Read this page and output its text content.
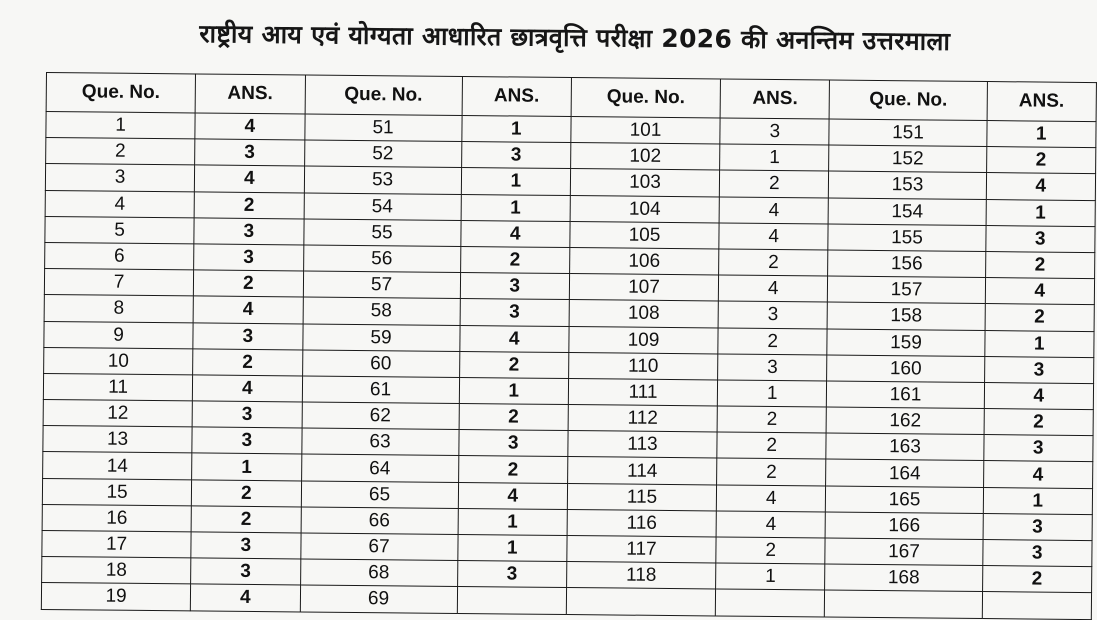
राष्ट्रीय आय एवं योग्यता आधारित छात्रवृत्ति परीक्षा 2026 की अनन्तिम उत्तरमाला
Que. No.	ANS.	Que. No.	ANS.	Que. No.	ANS.	Que. No.	ANS.
1	4	51	1	101	3	151	1
2	3	52	3	102	1	152	2
3	4	53	1	103	2	153	4
4	2	54	1	104	4	154	1
5	3	55	4	105	4	155	3
6	3	56	2	106	2	156	2
7	2	57	3	107	4	157	4
8	4	58	3	108	3	158	2
9	3	59	4	109	2	159	1
10	2	60	2	110	3	160	3
11	4	61	1	111	1	161	4
12	3	62	2	112	2	162	2
13	3	63	3	113	2	163	3
14	1	64	2	114	2	164	4
15	2	65	4	115	4	165	1
16	2	66	1	116	4	166	3
17	3	67	1	117	2	167	3
18	3	68	3	118	1	168	2
19	4	69					
